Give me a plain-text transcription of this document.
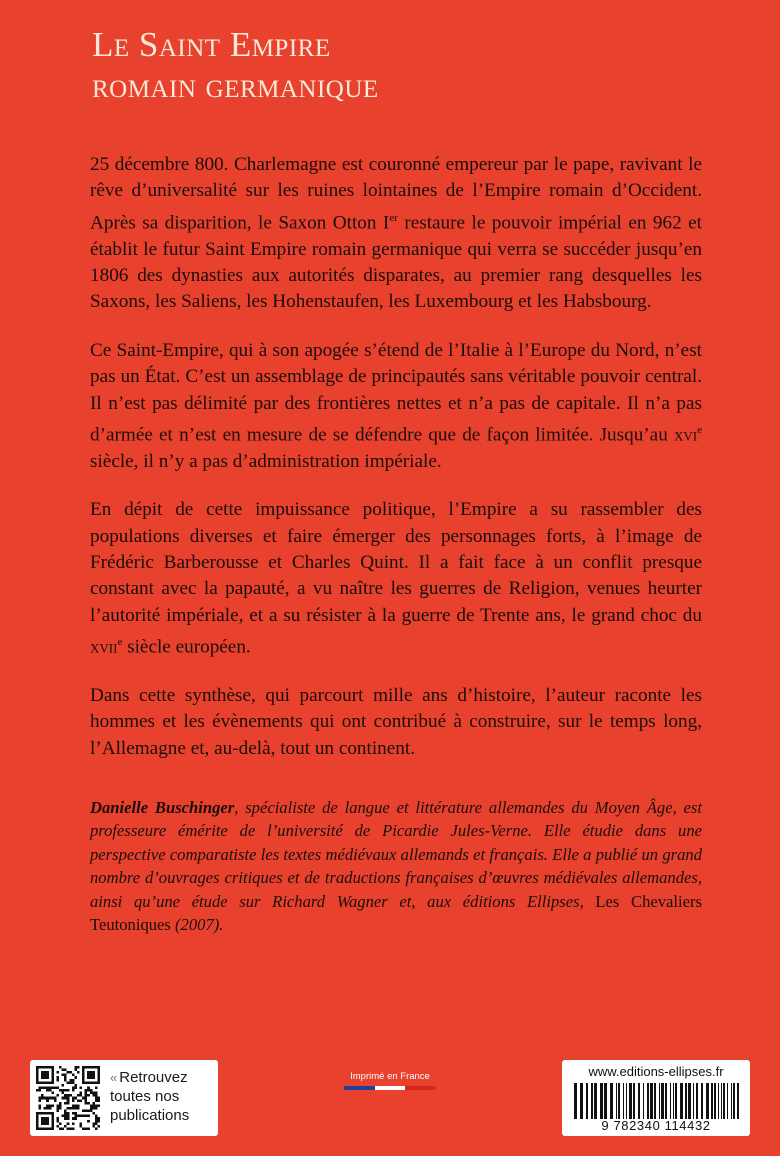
Le Saint Empire
romain germanique

25 décembre 800. Charlemagne est couronné empereur par le pape, ravivant le rêve d’universalité sur les ruines lointaines de l’Empire romain d’Occident. Après sa disparition, le Saxon Otton Ier restaure le pouvoir impérial en 962 et établit le futur Saint Empire romain germanique qui verra se succéder jusqu’en 1806 des dynasties aux autorités disparates, au premier rang desquelles les Saxons, les Saliens, les Hohenstaufen, les Luxembourg et les Habsbourg.

Ce Saint-Empire, qui à son apogée s’étend de l’Italie à l’Europe du Nord, n’est pas un État. C’est un assemblage de principautés sans véritable pouvoir central. Il n’est pas délimité par des frontières nettes et n’a pas de capitale. Il n’a pas d’armée et n’est en mesure de se défendre que de façon limitée. Jusqu’au xvi$^e$ siècle, il n’y a pas d’administration impériale.

En dépit de cette impuissance politique, l’Empire a su rassembler des populations diverses et faire émerger des personnages forts, à l’image de Frédéric Barberousse et Charles Quint. Il a fait face à un conflit presque constant avec la papauté, a vu naître les guerres de Religion, venues heurter l’autorité impériale, et a su résister à la guerre de Trente ans, le grand choc du xvii$^e$ siècle européen.

Dans cette synthèse, qui parcourt mille ans d’histoire, l’auteur raconte les hommes et les évènements qui ont contribué à construire, sur le temps long, l’Allemagne et, au-delà, tout un continent.

Danielle Buschinger, spécialiste de langue et littérature allemandes du Moyen Âge, est professeure émérite de l’université de Picardie Jules-Verne. Elle étudie dans une perspective comparatiste les textes médiévaux allemands et français. Elle a publié un grand nombre d’ouvrages critiques et de traductions françaises d’œuvres médiévales allemandes, ainsi qu’une étude sur Richard Wagner et, aux éditions Ellipses, Les Chevaliers Teutoniques (2007).
« Retrouvez
toutes nos
publications
Imprimé en France	www.editions-ellipses.fr
9 782340 114432
